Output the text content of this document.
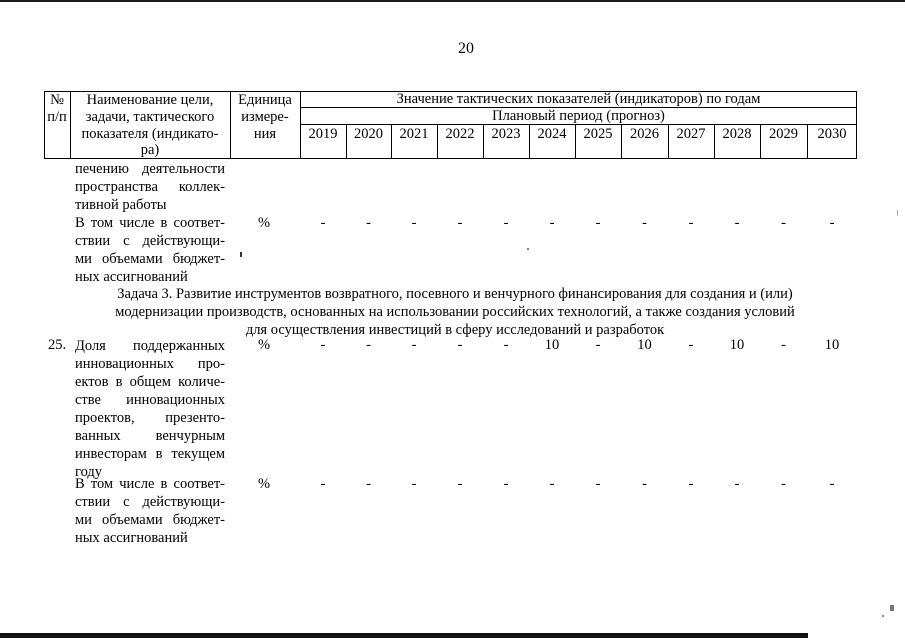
20
№
п/п
Наименование цели,
задачи, тактического
показателя (индикато-
ра)
Единица
измере-
ния
Значение тактических показателей (индикаторов) по годам
Плановый период (прогноз)
2019	2020	2021	2022	2023	2024	2025	2026	2027	2028	2029	2030
печению деятельности
пространства коллек-
тивной работы
В том числе в соответ-
ствии с действующи-
ми объемами бюджет-
ных ассигнований
%	-	-	-	-	-	-	-	-	-	-	-	-
Задача 3. Развитие инструментов возвратного, посевного и венчурного финансирования для создания и (или)
модернизации производств, основанных на использовании российских технологий, а также создания условий
для осуществления инвестиций в сферу исследований и разработок
25. Доля поддержанных
инновационных про-
ектов в общем количе-
стве инновационных
проектов, презенто-
ванных венчурным
инвесторам в текущем
году
%	-	-	-	-	-	10	-	10	-	10	-	10
В том числе в соответ-
ствии с действующи-
ми объемами бюджет-
ных ассигнований
%	-	-	-	-	-	-	-	-	-	-	-	-
